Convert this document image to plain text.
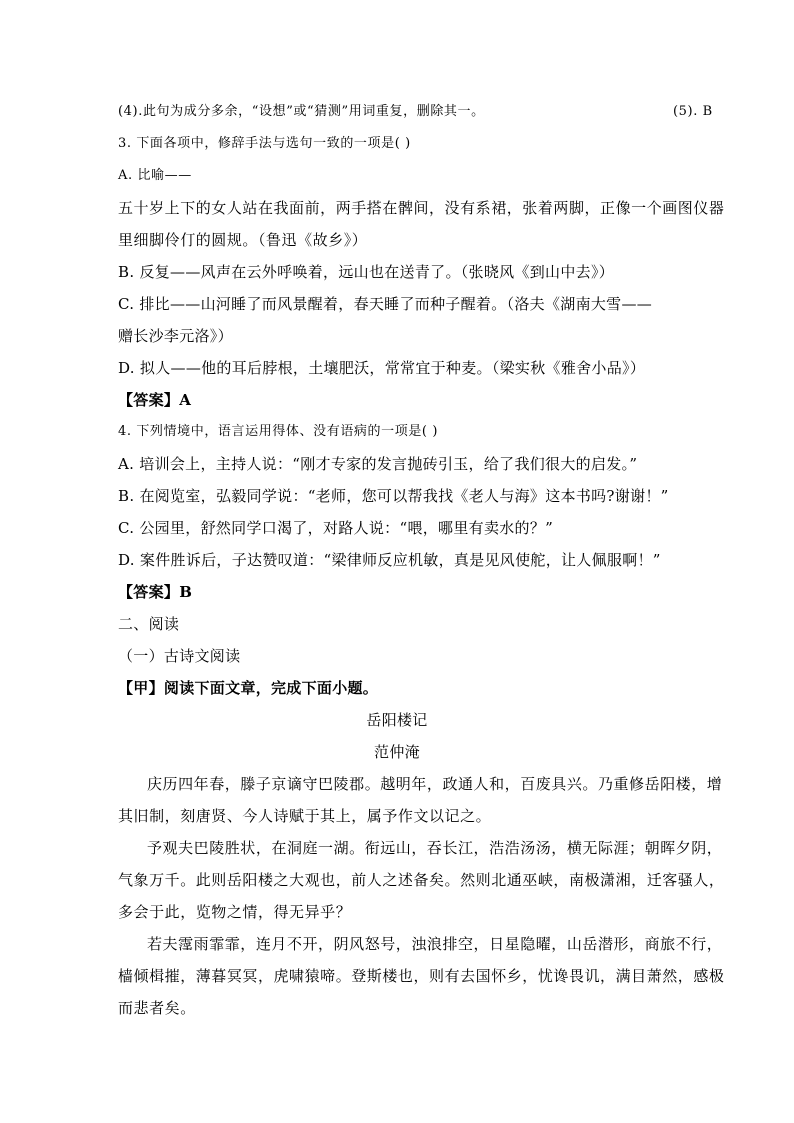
(4).此句为成分多余，“设想”或“猜测”用词重复，删除其一。	(5). B
3. 下面各项中，修辞手法与选句一致的一项是( )
A. 比喻——
五十岁上下的女人站在我面前，两手搭在髀间，没有系裙，张着两脚，正像一个画图仪器
里细脚伶仃的圆规。（鲁迅《故乡》）
B. 反复——风声在云外呼唤着，远山也在送青了。（张晓风《到山中去》）
C. 排比——山河睡了而风景醒着，春天睡了而种子醒着。（洛夫《湖南大雪——
赠长沙李元洛》）
D. 拟人——他的耳后脖根，土壤肥沃，常常宜于种麦。（梁实秋《雅舍小品》）
【答案】A
4. 下列情境中，语言运用得体、没有语病的一项是( )
A. 培训会上，主持人说：“刚才专家的发言抛砖引玉，给了我们很大的启发。”
B. 在阅览室，弘毅同学说：“老师，您可以帮我找《老人与海》这本书吗?谢谢！”
C. 公园里，舒然同学口渴了，对路人说：“喂，哪里有卖水的？”
D. 案件胜诉后，子达赞叹道：“梁律师反应机敏，真是见风使舵，让人佩服啊！”
【答案】B
二、阅读
（一）古诗文阅读
【甲】阅读下面文章，完成下面小题。
岳阳楼记
范仲淹
庆历四年春，滕子京谪守巴陵郡。越明年，政通人和，百废具兴。乃重修岳阳楼，增
其旧制，刻唐贤、今人诗赋于其上，属予作文以记之。
予观夫巴陵胜状，在洞庭一湖。衔远山，吞长江，浩浩汤汤，横无际涯；朝晖夕阴，
气象万千。此则岳阳楼之大观也，前人之述备矣。然则北通巫峡，南极潇湘，迁客骚人，
多会于此，览物之情，得无异乎？
若夫霪雨霏霏，连月不开，阴风怒号，浊浪排空，日星隐曜，山岳潜形，商旅不行，
樯倾楫摧，薄暮冥冥，虎啸猿啼。登斯楼也，则有去国怀乡，忧谗畏讥，满目萧然，感极
而悲者矣。
